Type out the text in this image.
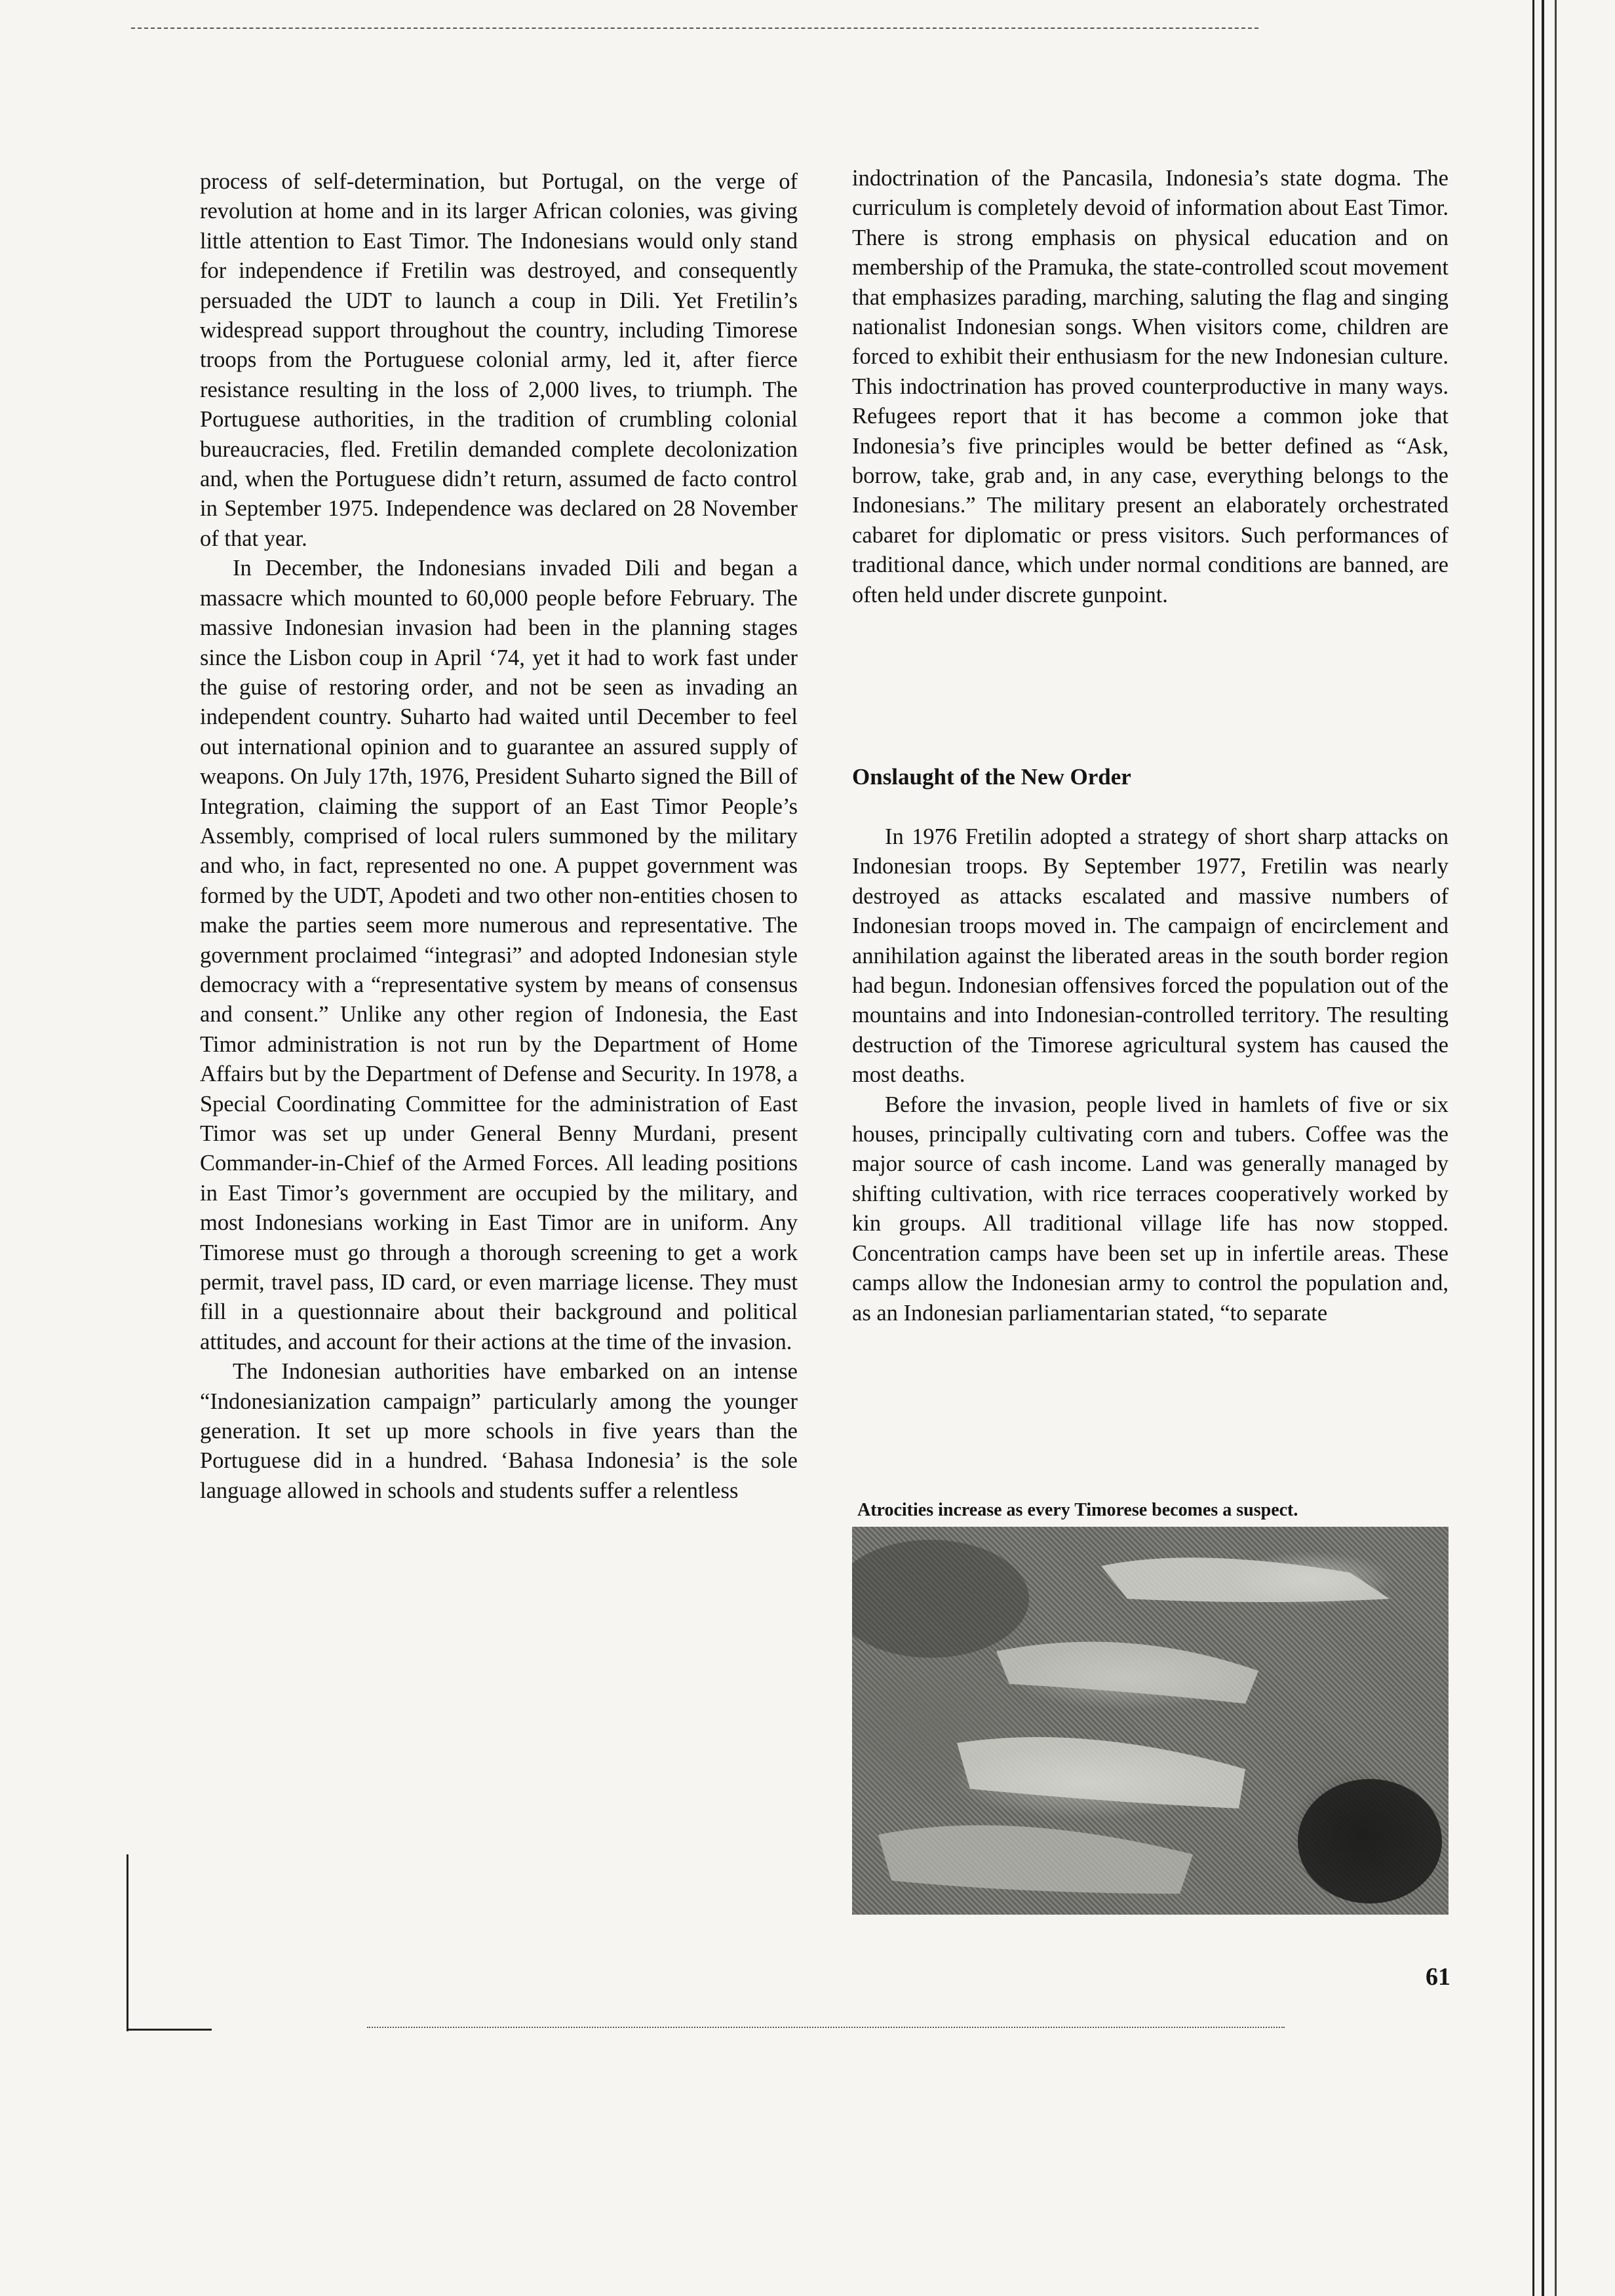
process of self-determination, but Portugal, on the verge of revolution at home and in its larger African colonies, was giving little attention to East Timor. The Indonesians would only stand for independence if Fretilin was destroyed, and consequently persuaded the UDT to launch a coup in Dili. Yet Fretilin’s widespread support throughout the country, including Timorese troops from the Portuguese colonial army, led it, after fierce resistance resulting in the loss of 2,000 lives, to triumph. The Portuguese authorities, in the tradition of crumbling colonial bureaucracies, fled. Fretilin demanded complete decolonization and, when the Portuguese didn’t return, assumed de facto control in September 1975. Independence was declared on 28 November of that year.

In December, the Indonesians invaded Dili and began a massacre which mounted to 60,000 people before February. The massive Indonesian invasion had been in the planning stages since the Lisbon coup in April ‘74, yet it had to work fast under the guise of restoring order, and not be seen as invading an independent country. Suharto had waited until December to feel out international opinion and to guarantee an assured supply of weapons. On July 17th, 1976, President Suharto signed the Bill of Integration, claiming the support of an East Timor People’s Assembly, comprised of local rulers summoned by the military and who, in fact, represented no one. A puppet government was formed by the UDT, Apodeti and two other non-entities chosen to make the parties seem more numerous and representative. The government proclaimed “integrasi” and adopted Indonesian style democracy with a “representative system by means of consensus and consent.” Unlike any other region of Indonesia, the East Timor administration is not run by the Department of Home Affairs but by the Department of Defense and Security. In 1978, a Special Coordinating Committee for the administration of East Timor was set up under General Benny Murdani, present Commander-in-Chief of the Armed Forces. All leading positions in East Timor’s government are occupied by the military, and most Indonesians working in East Timor are in uniform. Any Timorese must go through a thorough screening to get a work permit, travel pass, ID card, or even marriage license. They must fill in a questionnaire about their background and political attitudes, and account for their actions at the time of the invasion.

The Indonesian authorities have embarked on an intense “Indonesianization campaign” particularly among the younger generation. It set up more schools in five years than the Portuguese did in a hundred. ‘Bahasa Indonesia’ is the sole language allowed in schools and students suffer a relentless

indoctrination of the Pancasila, Indonesia’s state dogma. The curriculum is completely devoid of information about East Timor. There is strong emphasis on physical education and on membership of the Pramuka, the state-controlled scout movement that emphasizes parading, marching, saluting the flag and singing nationalist Indonesian songs. When visitors come, children are forced to exhibit their enthusiasm for the new Indonesian culture. This indoctrination has proved counterproductive in many ways. Refugees report that it has become a common joke that Indonesia’s five principles would be better defined as “Ask, borrow, take, grab and, in any case, everything belongs to the Indonesians.” The military present an elaborately orchestrated cabaret for diplomatic or press visitors. Such performances of traditional dance, which under normal conditions are banned, are often held under discrete gunpoint.

Onslaught of the New Order

In 1976 Fretilin adopted a strategy of short sharp attacks on Indonesian troops. By September 1977, Fretilin was nearly destroyed as attacks escalated and massive numbers of Indonesian troops moved in. The campaign of encirclement and annihilation against the liberated areas in the south border region had begun. Indonesian offensives forced the population out of the mountains and into Indonesian-controlled territory. The resulting destruction of the Timorese agricultural system has caused the most deaths.

Before the invasion, people lived in hamlets of five or six houses, principally cultivating corn and tubers. Coffee was the major source of cash income. Land was generally managed by shifting cultivation, with rice terraces cooperatively worked by kin groups. All traditional village life has now stopped. Concentration camps have been set up in infertile areas. These camps allow the Indonesian army to control the population and, as an Indonesian parliamentarian stated, “to separate

Atrocities increase as every Timorese becomes a suspect.

61
